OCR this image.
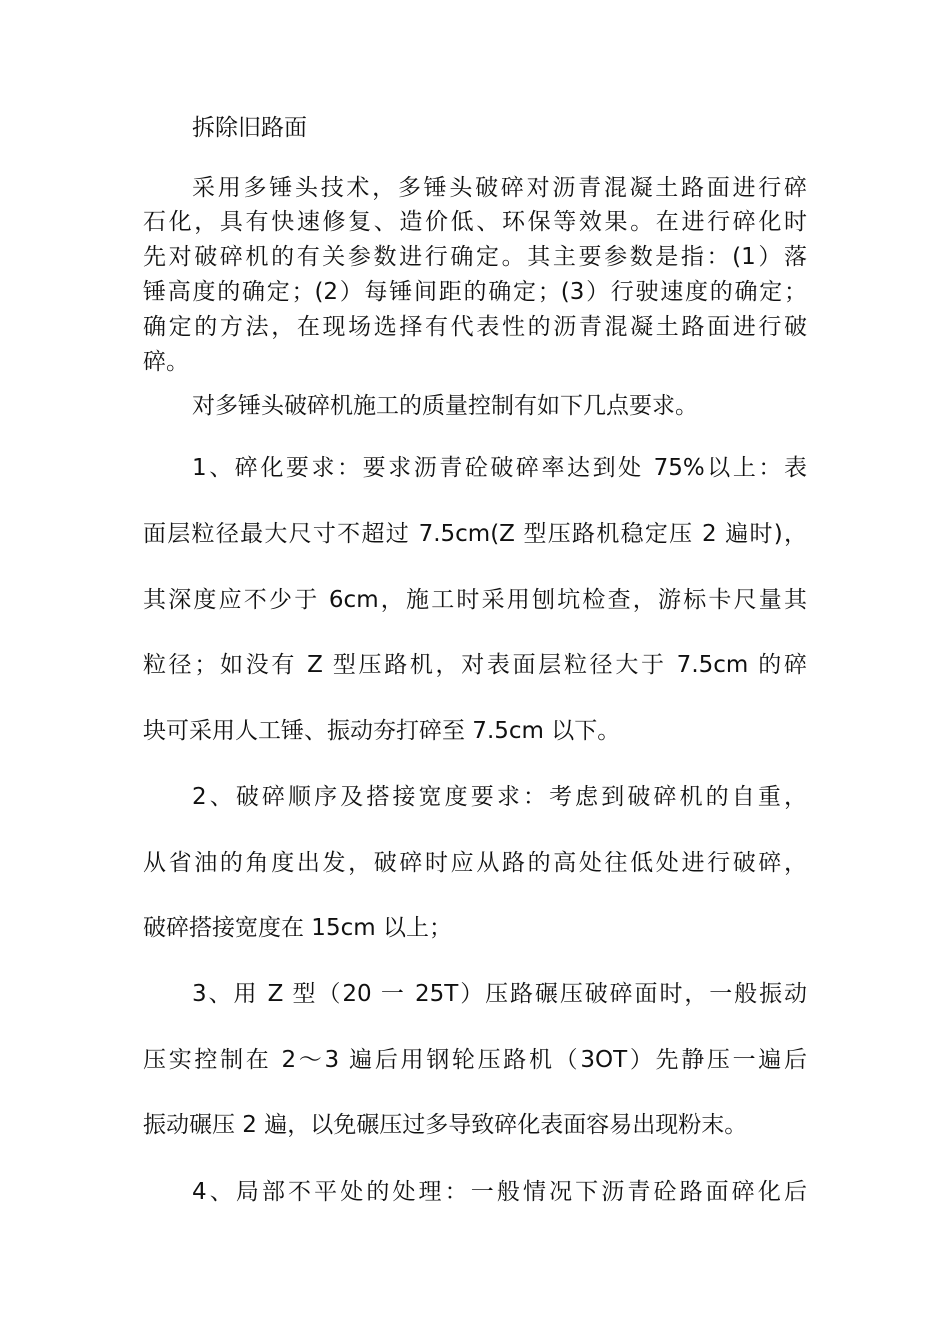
拆除旧路面
采用多锤头技术，多锤头破碎对沥青混凝土路面进行碎
石化，具有快速修复、造价低、环保等效果。在进行碎化时
先对破碎机的有关参数进行确定。其主要参数是指：(1）落
锤高度的确定；(2）每锤间距的确定；(3）行驶速度的确定；
确定的方法，在现场选择有代表性的沥青混凝土路面进行破
碎。
对多锤头破碎机施工的质量控制有如下几点要求。
1、碎化要求：要求沥青砼破碎率达到处 75%以上：表
面层粒径最大尺寸不超过 7.5cm(Z 型压路机稳定压 2 遍时)，
其深度应不少于 6cm，施工时采用刨坑检查，游标卡尺量其
粒径；如没有 Z 型压路机，对表面层粒径大于 7.5cm 的碎
块可采用人工锤、振动夯打碎至 7.5cm 以下。
2、破碎顺序及搭接宽度要求：考虑到破碎机的自重，
从省油的角度出发，破碎时应从路的高处往低处进行破碎，
破碎搭接宽度在 15cm 以上；
3、用 Z 型（20 一 25T）压路碾压破碎面时，一般振动
压实控制在 2～3 遍后用钢轮压路机（3OT）先静压一遍后
振动碾压 2 遍，以免碾压过多导致碎化表面容易出现粉末。
4、局部不平处的处理：一般情况下沥青砼路面碎化后
